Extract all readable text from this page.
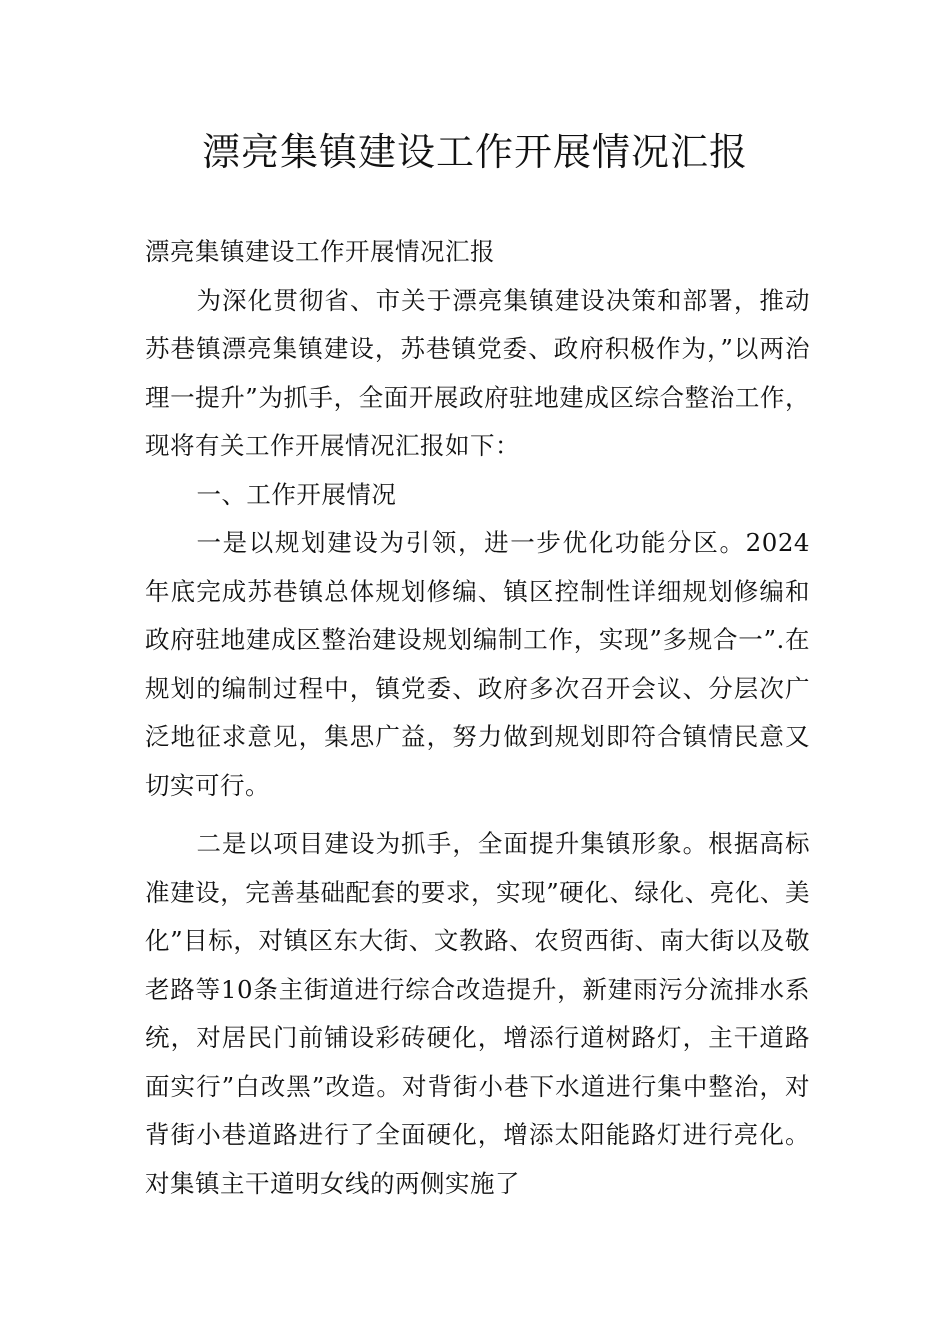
漂亮集镇建设工作开展情况汇报

漂亮集镇建设工作开展情况汇报

为深化贯彻省、市关于漂亮集镇建设决策和部署，推动苏巷镇漂亮集镇建设，苏巷镇党委、政府积极作为，”以两治理一提升”为抓手，全面开展政府驻地建成区综合整治工作，现将有关工作开展情况汇报如下：

一、工作开展情况

一是以规划建设为引领，进一步优化功能分区。2024年底完成苏巷镇总体规划修编、镇区控制性详细规划修编和政府驻地建成区整治建设规划编制工作，实现”多规合一”.在规划的编制过程中，镇党委、政府多次召开会议、分层次广泛地征求意见，集思广益，努力做到规划即符合镇情民意又切实可行。

二是以项目建设为抓手，全面提升集镇形象。根据高标准建设，完善基础配套的要求，实现”硬化、绿化、亮化、美化”目标，对镇区东大街、文教路、农贸西街、南大街以及敬老路等10条主街道进行综合改造提升，新建雨污分流排水系统，对居民门前铺设彩砖硬化，增添行道树路灯，主干道路面实行”白改黑”改造。对背街小巷下水道进行集中整治，对背街小巷道路进行了全面硬化，增添太阳能路灯进行亮化。对集镇主干道明女线的两侧实施了
